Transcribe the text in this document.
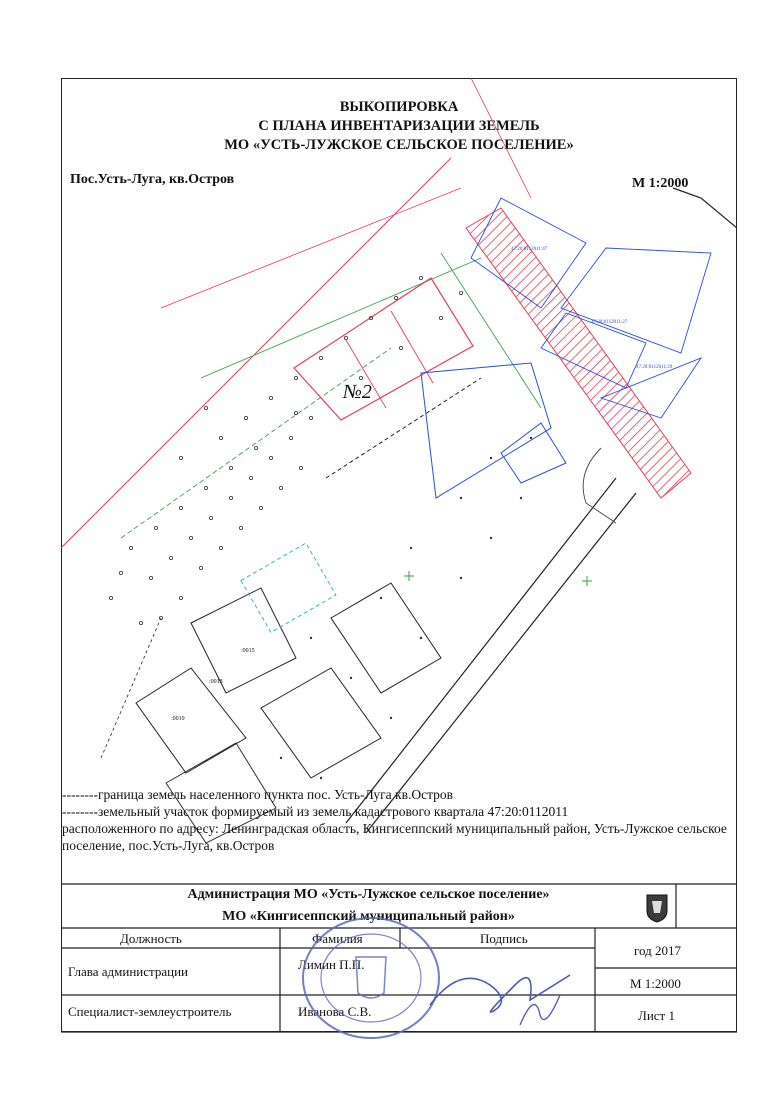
ВЫКОПИРОВКА
С ПЛАНА ИНВЕНТАРИЗАЦИИ ЗЕМЕЛЬ
МО «УСТЬ-ЛУЖСКОЕ СЕЛЬСКОЕ ПОСЕЛЕНИЕ»
Пос.Усть-Луга, кв.Остров	М 1:2000
№2
47:20:0112011:47
47:20:0112011:27
47:20:0112011:29
:0015
:0018
:0019
--------граница земель населенного пункта пос. Усть-Луга кв.Остров
--------земельный участок формируемый из земель кадастрового квартала 47:20:0112011
расположенного по адресу: Ленинградская область, Кингисеппский муниципальный район, Усть-Лужское сельское поселение, пос.Усть-Луга, кв.Остров
Администрация МО «Усть-Лужское сельское поселение»
МО «Кингисеппский муниципальный район»
Должность	Фамилия	Подпись
Глава администрации	Лимин П.П.
Специалист-землеустроитель	Иванова С.В.
год 2017
М 1:2000
Лист 1
